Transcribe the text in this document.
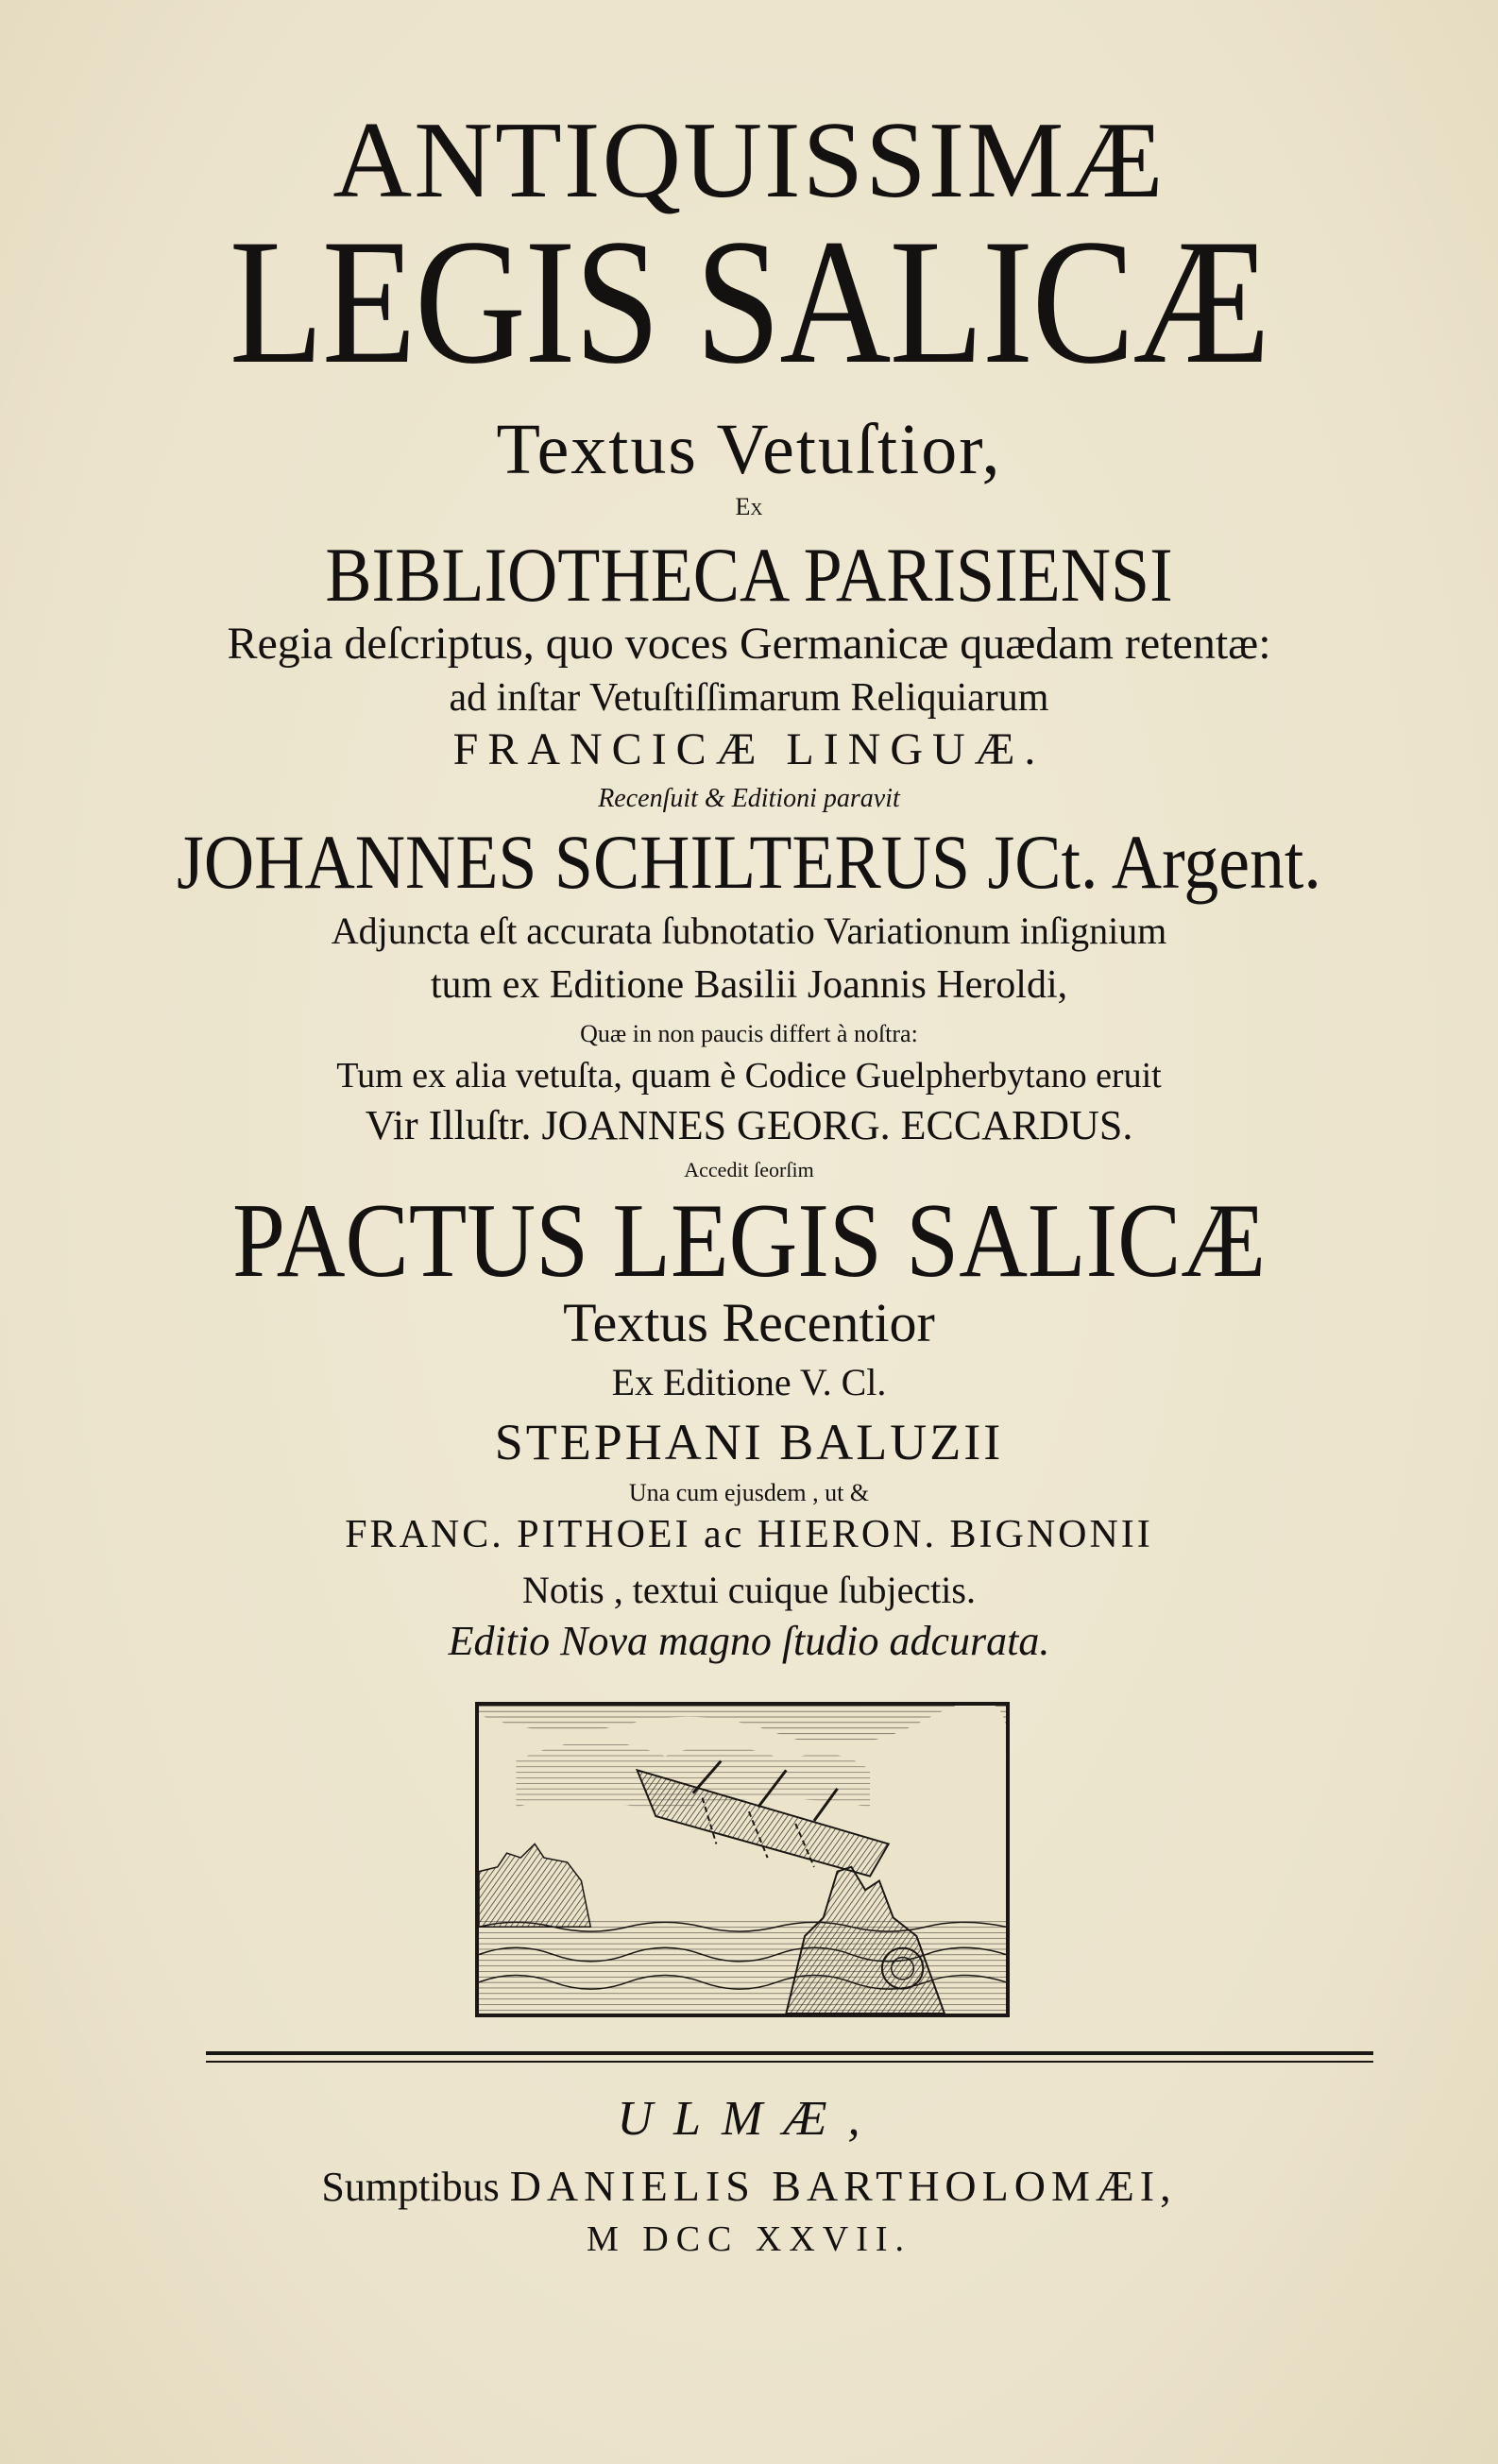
ANTIQUISSIMÆ
LEGIS SALICÆ
Textus Vetuſtior,
Ex
BIBLIOTHECA PARISIENSI
Regia deſcriptus, quo voces Germanicæ quædam retentæ:
ad inſtar Vetuſtiſſimarum Reliquiarum
FRANCICÆ LINGUÆ.
Recenſuit & Editioni paravit
JOHANNES SCHILTERUS JCt. Argent.
Adjuncta eſt accurata ſubnotatio Variationum inſignium
tum ex Editione Basilii Joannis Heroldi,
Quæ in non paucis differt à noſtra:
Tum ex alia vetuſta, quam è Codice Guelpherbytano eruit
Vir Illuſtr. JOANNES GEORG. ECCARDUS.
Accedit ſeorſim
PACTUS LEGIS SALICÆ
Textus Recentior
Ex Editione V. Cl.
STEPHANI BALUZII
Una cum ejusdem , ut &
FRANC. PITHOEI ac HIERON. BIGNONII
Notis , textui cuique ſubjectis.
Editio Nova magno ſtudio adcurata.
ULMÆ,
Sumptibus DANIELIS BARTHOLOMÆI,
M DCC XXVII.
